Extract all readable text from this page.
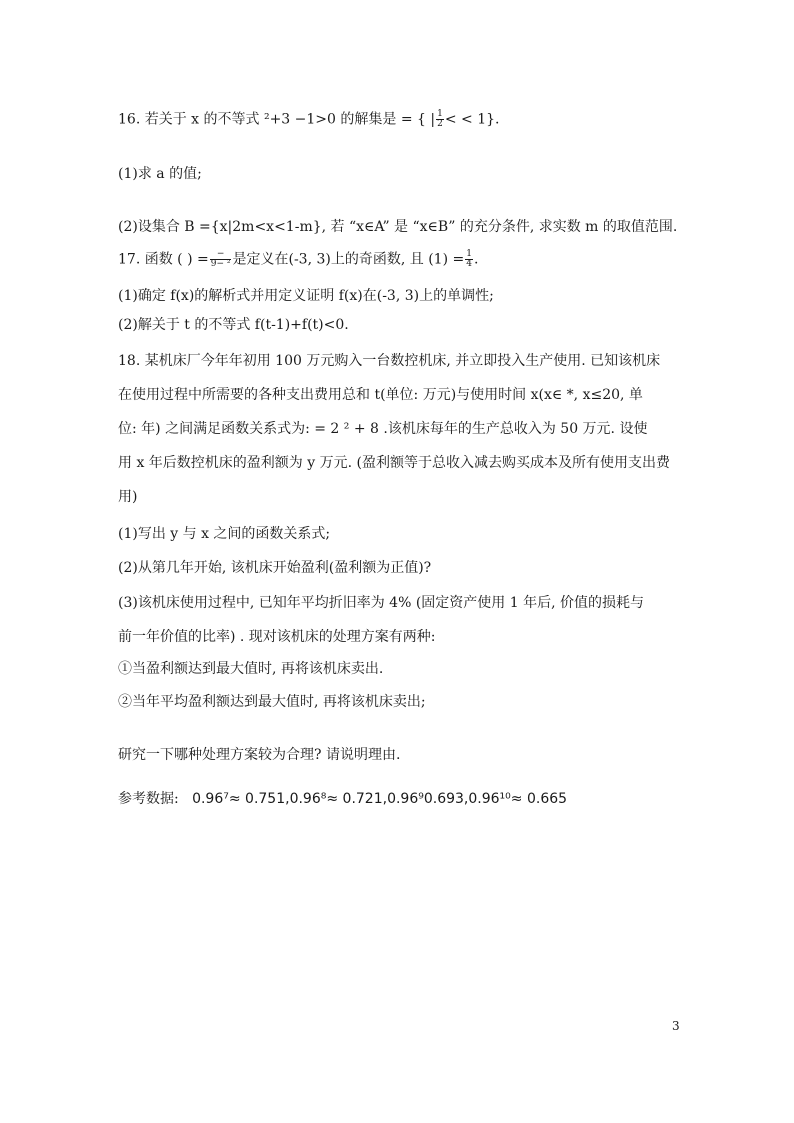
16. 若关于 x 的不等式 ²+3 −1>0 的解集是 = { | $\frac{1}{2}$ < < 1}.
(1)求 a 的值;
(2)设集合 B ={x|2m<x<1-m}, 若 “x∈A” 是 “x∈B” 的充分条件, 求实数 m 的取值范围.
17. 函数 ( ) = $\frac{-}{\text{9− ²}}$ 是定义在(-3, 3)上的奇函数, 且 $(1) = \frac{1}{4}$ .
(1)确定 f(x)的解析式并用定义证明 f(x)在(-3, 3)上的单调性;
(2)解关于 t 的不等式 f(t-1)+f(t)<0.
18. 某机床厂今年年初用 100 万元购入一台数控机床, 并立即投入生产使用. 已知该机床
在使用过程中所需要的各种支出费用总和 t(单位: 万元)与使用时间 x(x∈ *, x≤20, 单
位: 年) 之间满足函数关系式为: = 2 ² + 8 .该机床每年的生产总收入为 50 万元. 设使
用 x 年后数控机床的盈利额为 y 万元. (盈利额等于总收入减去购买成本及所有使用支出费
用)
(1)写出 y 与 x 之间的函数关系式;
(2)从第几年开始, 该机床开始盈利(盈利额为正值)?
(3)该机床使用过程中, 已知年平均折旧率为 4% (固定资产使用 1 年后, 价值的损耗与
前一年价值的比率) . 现对该机床的处理方案有两种:
①当盈利额达到最大值时, 再将该机床卖出.
②当年平均盈利额达到最大值时, 再将该机床卖出;
研究一下哪种处理方案较为合理? 请说明理由.
参考数据: 0.96⁷≈ 0.751,0.96⁸≈ 0.721,0.96⁹0.693,0.96¹⁰≈ 0.665
3
